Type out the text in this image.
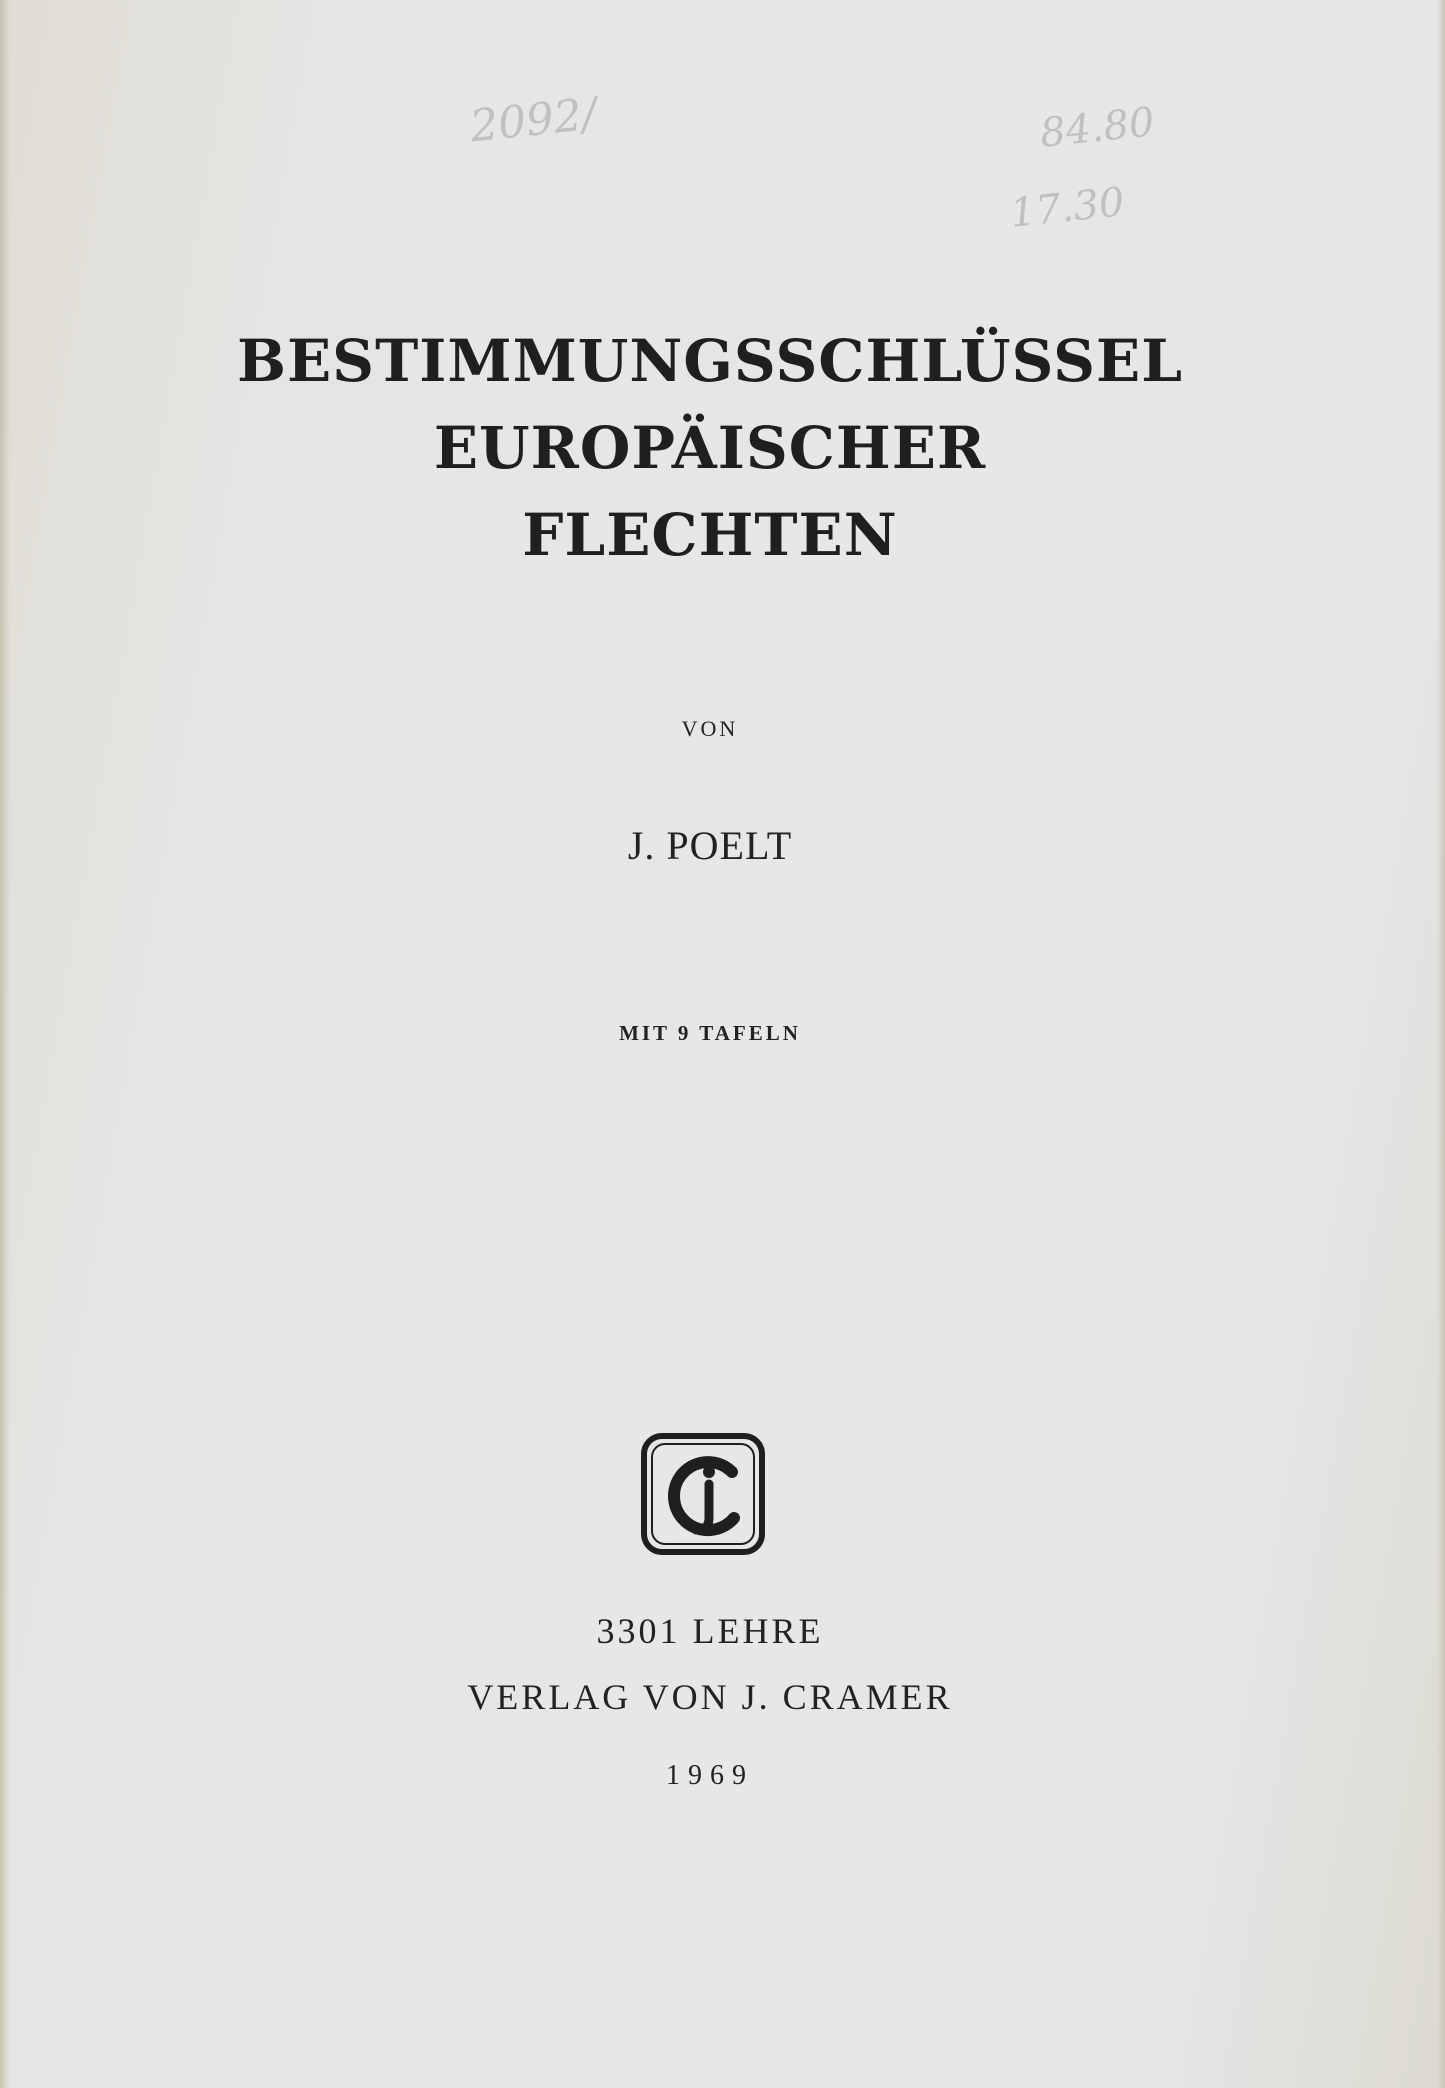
2092/	84.80
17.30
BESTIMMUNGSSCHLÜSSEL
EUROPÄISCHER
FLECHTEN

VON

J. POELT

MIT 9 TAFELN

3301 LEHRE

VERLAG VON J. CRAMER

1969
